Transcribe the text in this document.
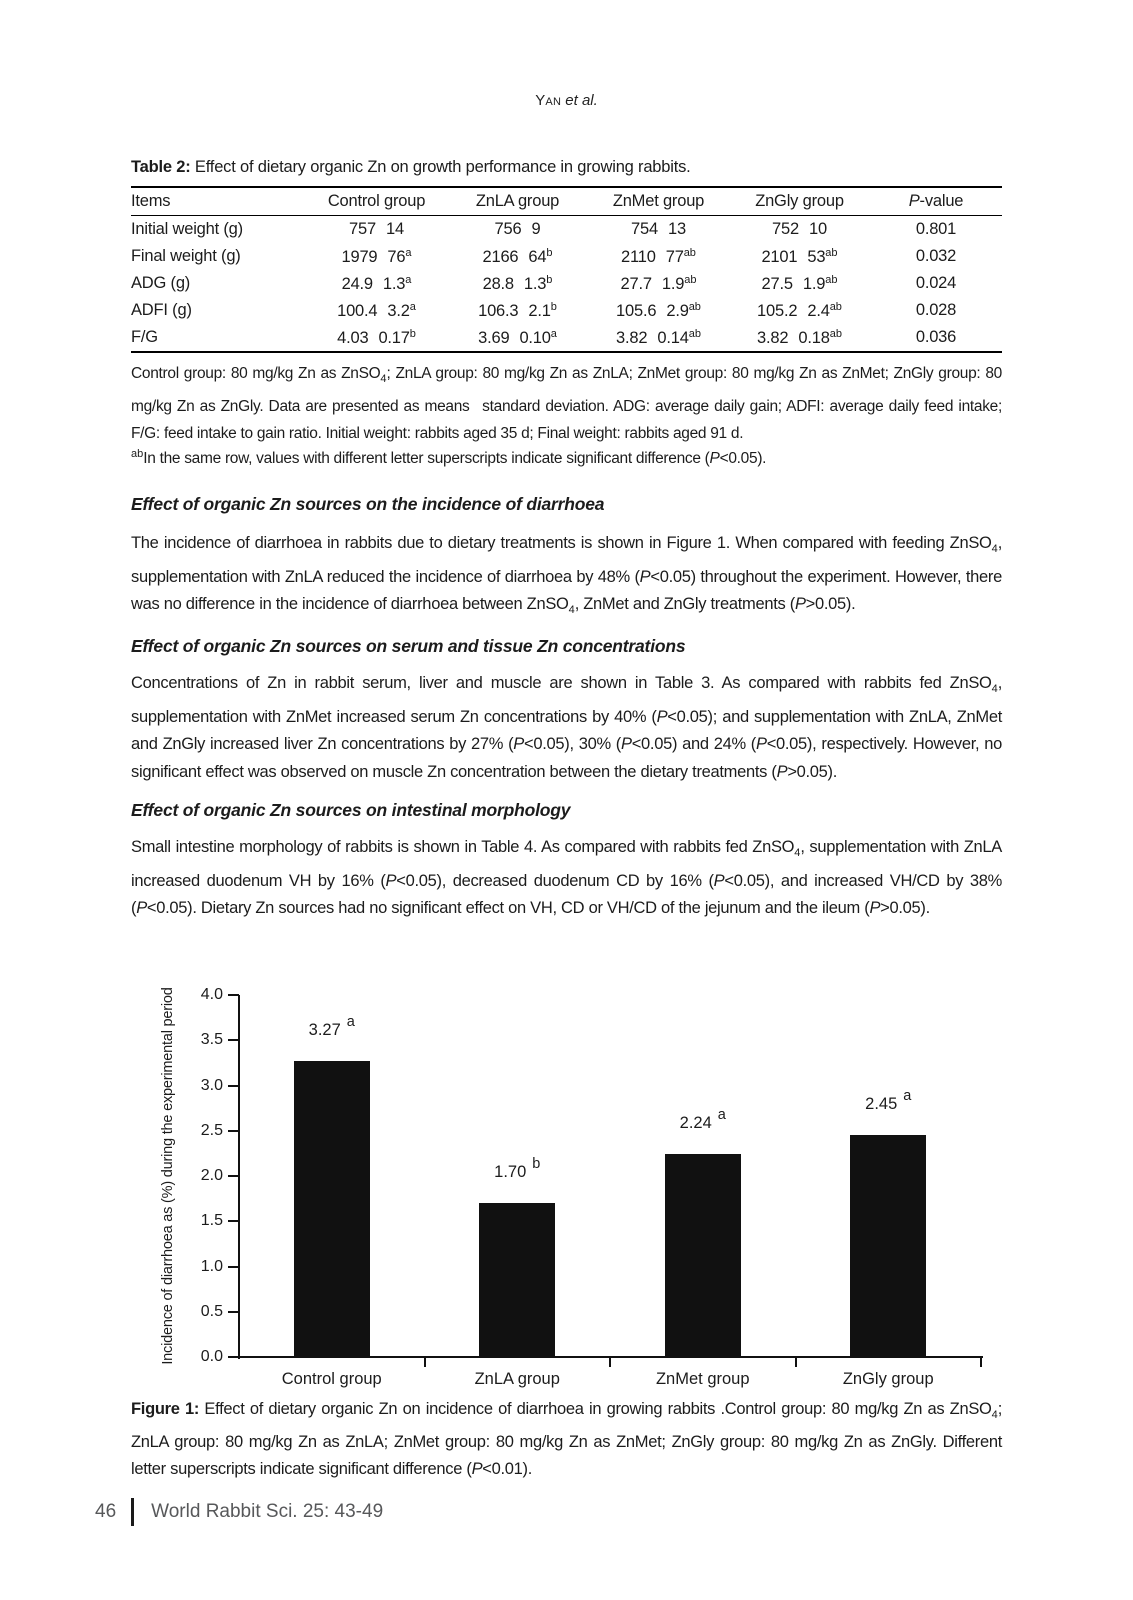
Yan et al.

Table 2: Effect of dietary organic Zn on growth performance in growing rabbits.

Items	Control group	ZnLA group	ZnMet group	ZnGly group	P-value
Initial weight (g)	757 14	756 9	754 13	752 10	0.801
Final weight (g)	1979 76$^a$	2166 64$^b$	2110 $77^{ab}$	2101 $53^{ab}$	0.032
ADG (g)	24.9 1.3$^a$	28.8 1.3$^b$	27.7 1.9$^{ab}$	27.5 1.9$^{ab}$	0.024
ADFI (g)	100.4 3.2$^a$	106.3 2.1$^b$	105.6 2.9$^{ab}$	105.2 2.4$^{ab}$	0.028
F/G	4.03 0.17$^b$	3.69 0.10$^a$	3.82 0.14$^{ab}$	3.82 0.18$^{ab}$	0.036
Control group: 80 mg/kg Zn as ZnSO$_4$; ZnLA group: 80 mg/kg Zn as ZnLA; ZnMet group: 80 mg/kg Zn as ZnMet; ZnGly group: 80 mg/kg Zn as ZnGly. Data are presented as means  standard deviation. ADG: average daily gain; ADFI: average daily feed intake; F/G: feed intake to gain ratio. Initial weight: rabbits aged 35 d; Final weight: rabbits aged 91 d.
$^{ab}$In the same row, values with different letter superscripts indicate significant difference (P<0.05).
Effect of organic Zn sources on the incidence of diarrhoea

The incidence of diarrhoea in rabbits due to dietary treatments is shown in Figure 1. When compared with feeding ZnSO$_4$, supplementation with ZnLA reduced the incidence of diarrhoea by 48% (P<0.05) throughout the experiment. However, there was no difference in the incidence of diarrhoea between ZnSO$_4$, ZnMet and ZnGly treatments (P>0.05).

Effect of organic Zn sources on serum and tissue Zn concentrations

Concentrations of Zn in rabbit serum, liver and muscle are shown in Table 3. As compared with rabbits fed ZnSO$_4$, supplementation with ZnMet increased serum Zn concentrations by 40% (P<0.05); and supplementation with ZnLA, ZnMet and ZnGly increased liver Zn concentrations by 27% (P<0.05), 30% (P<0.05) and 24% (P<0.05), respectively. However, no significant effect was observed on muscle Zn concentration between the dietary treatments (P>0.05).

Effect of organic Zn sources on intestinal morphology

Small intestine morphology of rabbits is shown in Table 4. As compared with rabbits fed ZnSO$_4$, supplementation with ZnLA increased duodenum VH by 16% (P<0.05), decreased duodenum CD by 16% (P<0.05), and increased VH/CD by 38% (P<0.05). Dietary Zn sources had no significant effect on VH, CD or VH/CD of the jejunum and the ileum (P>0.05).

Incidence of diarrhoea as (%) during the experimental period	0.0
0.5
1.0
1.5
2.0
2.5
3.0
3.5
4.0
3.27 a
Control group
1.70 b
ZnLA group
2.24 a
ZnMet group
2.45 a
ZnGly group

Figure 1: Effect of dietary organic Zn on incidence of diarrhoea in growing rabbits .Control group: 80 mg/kg Zn as ZnSO$_4$; ZnLA group: 80 mg/kg Zn as ZnLA; ZnMet group: 80 mg/kg Zn as ZnMet; ZnGly group: 80 mg/kg Zn as ZnGly. Different letter superscripts indicate significant difference (P<0.01).

46 World Rabbit Sci. 25: 43-49
